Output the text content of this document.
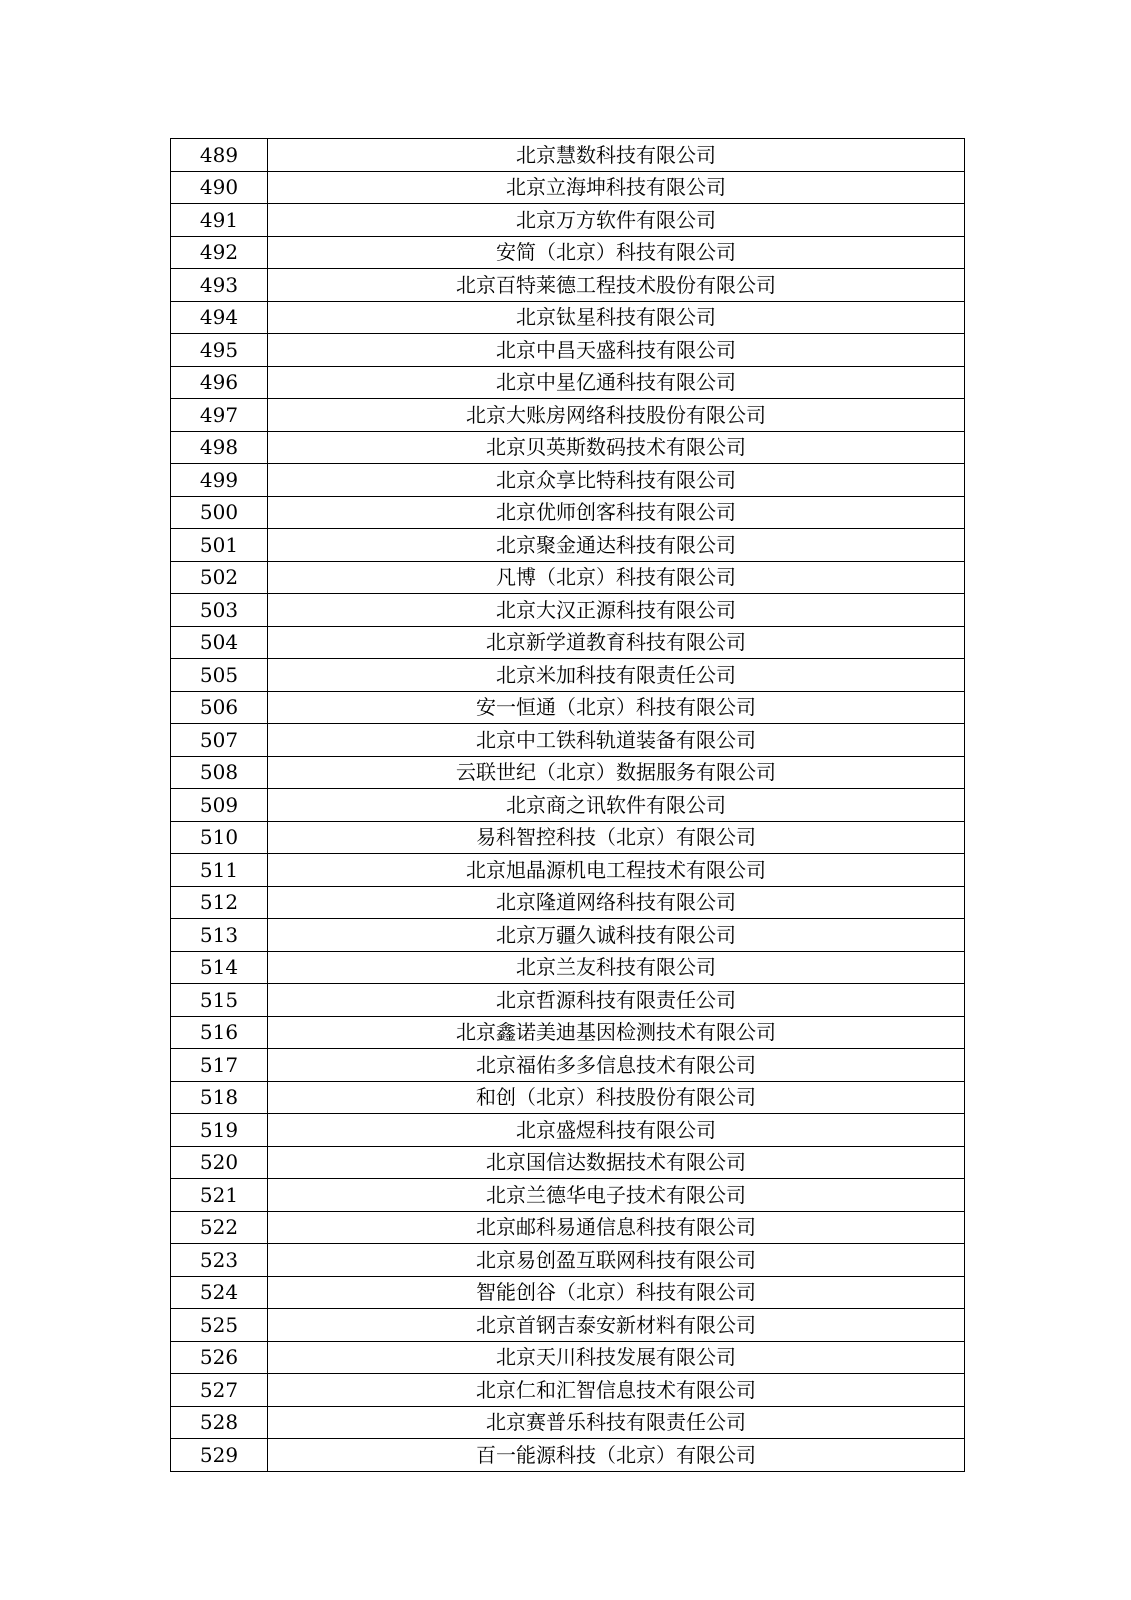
489	北京慧数科技有限公司
490	北京立海坤科技有限公司
491	北京万方软件有限公司
492	安简（北京）科技有限公司
493	北京百特莱德工程技术股份有限公司
494	北京钛星科技有限公司
495	北京中昌天盛科技有限公司
496	北京中星亿通科技有限公司
497	北京大账房网络科技股份有限公司
498	北京贝英斯数码技术有限公司
499	北京众享比特科技有限公司
500	北京优师创客科技有限公司
501	北京聚金通达科技有限公司
502	凡博（北京）科技有限公司
503	北京大汉正源科技有限公司
504	北京新学道教育科技有限公司
505	北京米加科技有限责任公司
506	安一恒通（北京）科技有限公司
507	北京中工铁科轨道装备有限公司
508	云联世纪（北京）数据服务有限公司
509	北京商之讯软件有限公司
510	易科智控科技（北京）有限公司
511	北京旭晶源机电工程技术有限公司
512	北京隆道网络科技有限公司
513	北京万疆久诚科技有限公司
514	北京兰友科技有限公司
515	北京哲源科技有限责任公司
516	北京鑫诺美迪基因检测技术有限公司
517	北京福佑多多信息技术有限公司
518	和创（北京）科技股份有限公司
519	北京盛煜科技有限公司
520	北京国信达数据技术有限公司
521	北京兰德华电子技术有限公司
522	北京邮科易通信息科技有限公司
523	北京易创盈互联网科技有限公司
524	智能创谷（北京）科技有限公司
525	北京首钢吉泰安新材料有限公司
526	北京天川科技发展有限公司
527	北京仁和汇智信息技术有限公司
528	北京赛普乐科技有限责任公司
529	百一能源科技（北京）有限公司
